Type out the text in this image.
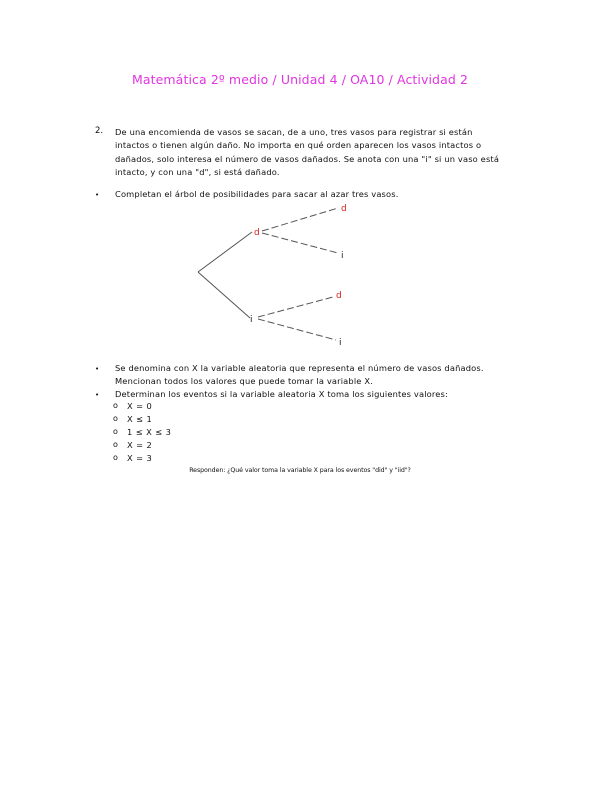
Matemática 2º medio / Unidad 4 / OA10 / Actividad 2
2. De una encomienda de vasos se sacan, de a uno, tres vasos para registrar si están
intactos o tienen algún daño. No importa en qué orden aparecen los vasos intactos o
dañados, solo interesa el número de vasos dañados. Se anota con una "i" si un vaso está
intacto, y con una "d", si está dañado.
• Completan el árbol de posibilidades para sacar al azar tres vasos.
d
i
d
i
d
i
• Se denomina con X la variable aleatoria que representa el número de vasos dañados.
Mencionan todos los valores que puede tomar la variable X.
• Determinan los eventos si la variable aleatoria X toma los siguientes valores:
o X = 0
o X ≤ 1
o 1 ≤ X ≤ 3
o X = 2
o X = 3
Responden: ¿Qué valor toma la variable X para los eventos "did" y "iid"?
